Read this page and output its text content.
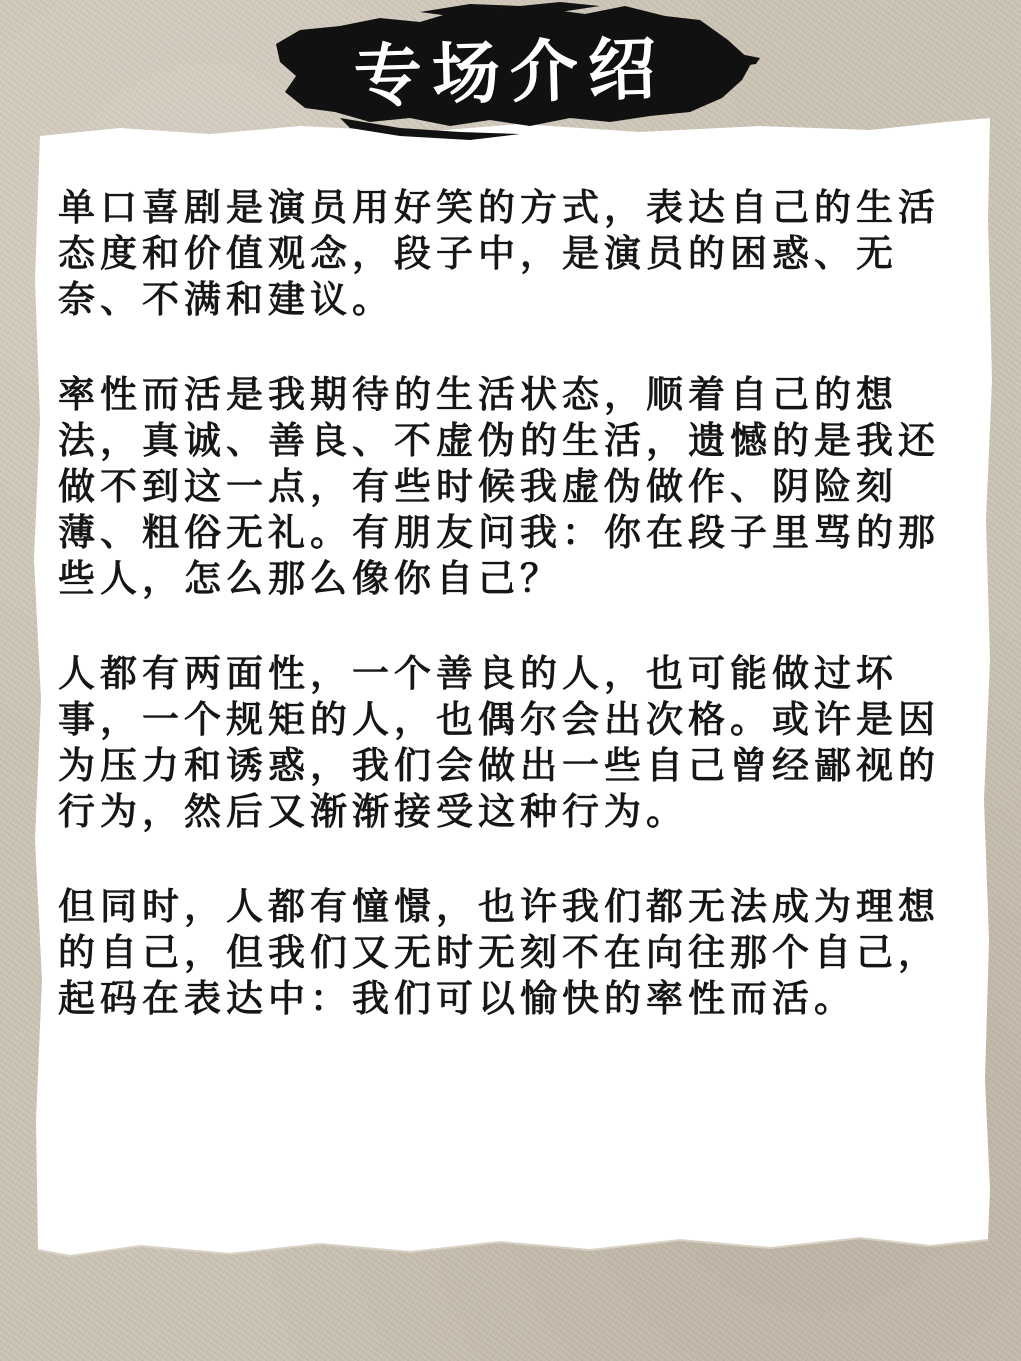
专场介绍

单口喜剧是演员用好笑的方式，表达自己的生活态度和价值观念，段子中，是演员的困惑、无奈、不满和建议。

率性而活是我期待的生活状态，顺着自己的想法，真诚、善良、不虚伪的生活，遗憾的是我还做不到这一点，有些时候我虚伪做作、阴险刻薄、粗俗无礼。有朋友问我：你在段子里骂的那些人，怎么那么像你自己？

人都有两面性，一个善良的人，也可能做过坏事，一个规矩的人，也偶尔会出次格。或许是因为压力和诱惑，我们会做出一些自己曾经鄙视的行为，然后又渐渐接受这种行为。

但同时，人都有憧憬，也许我们都无法成为理想的自己，但我们又无时无刻不在向往那个自己，起码在表达中：我们可以愉快的率性而活。
